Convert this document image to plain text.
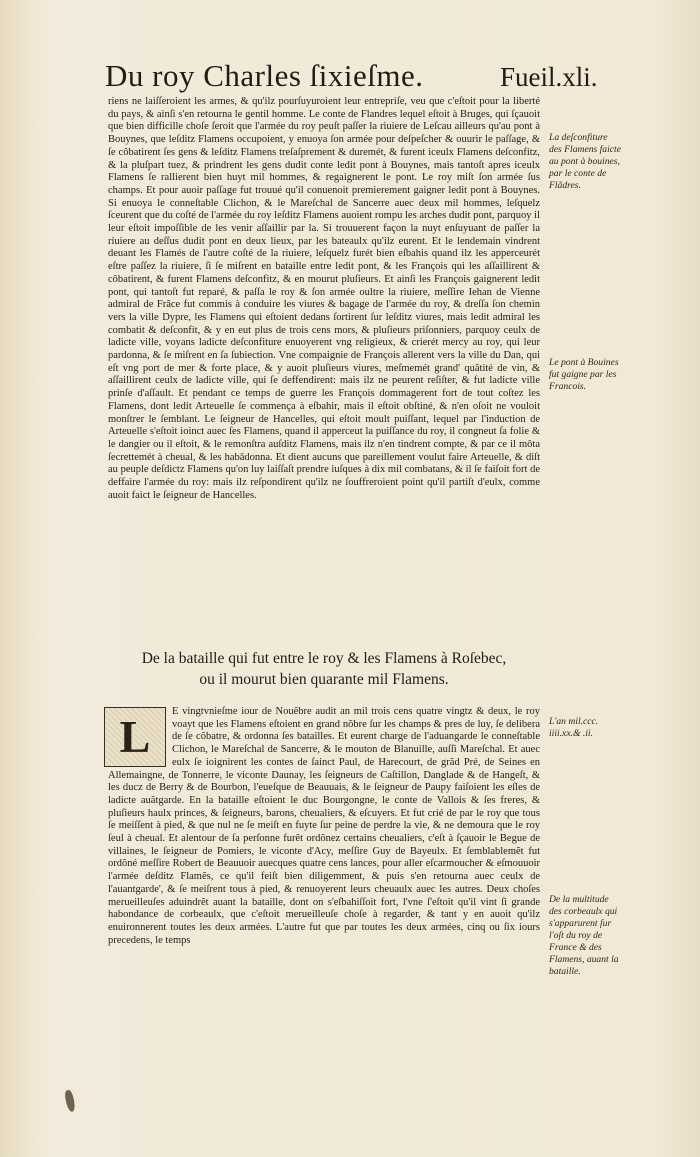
Du roy Charles ſixieſme.	Fueil.xli.

riens ne laiſſeroient les armes, & qu'ilz pourſuyuroient leur entrepriſe, veu que c'eſtoit pour la liberté du pays, & ainſi s'en retourna le gentil homme. Le conte de Flandres lequel eſtoit à Bruges, qui ſçauoit que bien difficille choſe ſeroit que l'armée du roy peuſt paſſer la riuiere de Leſcau ailleurs qu'au pont à Bouynes, que leſditz Flamens occupoient, y enuoya ſon armée pour deſpeſcher & ouurir le paſſage, & ſe côbatirent ſes gens & leſditz Flamens treſaſprement & duremét, & furent iceulx Flamens deſconfitz, & la pluſpart tuez, & prindrent les gens dudit conte ledit pont à Bouynes, mais tantoſt apres iceulx Flamens ſe rallierent bien huyt mil hommes, & regaignerent le pont. Le roy miſt ſon armée ſus champs. Et pour auoir paſſage fut trouué qu'il conuenoit premierement gaigner ledit pont à Bouynes. Si enuoya le conneſtable Clichon, & le Mareſchal de Sancerre auec deux mil hommes, leſquelz ſceurent que du coſté de l'armée du roy leſditz Flamens auoient rompu les arches dudit pont, parquoy il leur eſtoit impoſſible de les venir aſſaillir par la. Si trouuerent façon la nuyt enſuyuant de paſſer la riuiere au deſſus dudit pont en deux lieux, par les bateaulx qu'ilz eurent. Et le lendemain vindrent deuant les Flamés de l'autre coſté de la riuiere, leſquelz furét bien eſbahis quand ilz les apperceurét eſtre paſſez la riuiere, ſi ſe miſrent en bataille entre ledit pont, & les François qui les aſſaillirent & côbatirent, & furent Flamens deſconfitz, & en mourut pluſieurs. Et ainſi les François gaignerent ledit pont, qui tantoſt fut reparé, & paſſa le roy & ſon armée oultre la riuiere, meſſire Iehan de Vienne admiral de Frãce fut commis à conduire les viures & bagage de l'armée du roy, & dreſſa ſon chemin vers la ville Dypre, les Flamens qui eſtoient dedans ſortirent ſur leſditz viures, mais ledit admiral les combatit & deſconfit, & y en eut plus de trois cens mors, & pluſieurs priſonniers, parquoy ceulx de ladicte ville, voyans ladicte deſconfiture enuoyerent vng religieux, & crierét mercy au roy, qui leur pardonna, & ſe miſrent en ſa ſubiection. Vne compaignie de François allerent vers la ville du Dan, qui eſt vng port de mer & forte place, & y auoit pluſieurs viures, meſmemét grand' quãtité de vin, & aſſaillirent ceulx de ladicte ville, qui ſe deffendirent: mais ilz ne peurent reſiſter, & fut ladicte ville prinſe d'aſſault. Et pendant ce temps de guerre les François dommagerent fort de tout coſtez les Flamens, dont ledit Arteuelle ſe commença à eſbahir, mais il eſtoit obſtiné, & n'en oſoit ne vouloit monſtrer le ſemblant. Le ſeigneur de Hancelles, qui eſtoit moult puiſſant, lequel par l'induction de Arteuelle s'eſtoit ioinct auec ſes Flamens, quand il apperceut la puiſſance du roy, il congneut ſa folie & le dangier ou il eſtoit, & le remonſtra auſditz Flamens, mais ilz n'en tindrent compte, & par ce il môta ſecrettemét à cheual, & les habādonna. Et dient aucuns que pareillement voulut faire Arteuelle, & diſt au peuple deſdictz Flamens qu'on luy laiſſaſt prendre iuſques à dix mil combatans, & il ſe faiſoit fort de deffaire l'armée du roy: mais ilz reſpondirent qu'ilz ne ſouffreroient point qu'il partiſt d'eulx, comme auoit faict le ſeigneur de Hancelles.

De la bataille qui fut entre le roy & les Flamens à Roſebec,
ou il mourut bien quarante mil Flamens.

L	E vingtvnieſme iour de Nouẽbre audit an mil trois cens quatre vingtz & deux, le roy voayt que les Flamens eſtoient en grand nõbre ſur les champs & pres de luy, ſe delibera de ſe cõbatre, & ordonna ſes batailles. Et eurent charge de l'aduangarde le conneſtable Clichon, le Mareſchal de Sancerre, & le mouton de Blanuille, auſſi Mareſchal. Et auec eulx ſe ioignirent les contes de ſainct Paul, de Harecourt, de grãd Pré, de Seines en Allemaingne, de Tonnerre, le viconte Daunay, les ſeigneurs de Caſtillon, Danglade & de Hangeſt, & les ducz de Berry & de Bourbon, l'eueſque de Beauuais, & le ſeigneur de Paupy faiſoient les eſles de ladicte auãtgarde. En la bataille eſtoient le duc Bourgongne, le conte de Vallois & ſes freres, & pluſieurs haulx princes, & ſeigneurs, barons, cheualiers, & eſcuyers. Et fut crié de par le roy que tous ſe meiſſent à pied, & que nul ne ſe meiſt en fuyte ſur peine de perdre la vie, & ne demoura que le roy ſeul à cheual. Et alentour de ſa perſonne furẽt ordõnez certains cheualiers, c'eſt à ſçauoir le Begue de villaines, le ſeigneur de Pomiers, le viconte d'Acy, meſſire Guy de Bayeulx. Et ſemblablemẽt fut ordõné meſſire Robert de Beauuoir auecques quatre cens lances, pour aller eſcarmoucher & eſmouuoir l'armée deſditz Flamẽs, ce qu'il feiſt bien diligemment, & puis s'en retourna auec ceulx de l'auantgarde', & ſe meiſrent tous à pied, & renuoyerent leurs cheuaulx auec les autres. Deux choſes merueilleuſes aduindrẽt auant la bataille, dont on s'eſbahiſſoit fort, l'vne ſ'eſtoit qu'il vint ſi grande habondance de corbeaulx, que c'eſtoit merueilleuſe choſe à regarder, & tant y en auoit qu'ilz enuironnerent toutes les deux armées. L'autre fut que par toutes les deux armées, cinq ou ſix iours precedens, le temps

La deſconfiture des Flamens faicte au pont à bouines, par le conte de Flãdres.
Le pont à Bouines fut gaigne par les Francois.
L'an mil.ccc. iiii.xx.& .ii.
De la multitude des corbeaulx qui s'apparurent ſur l'oſt du roy de France & des Flamens, auant la bataille.
